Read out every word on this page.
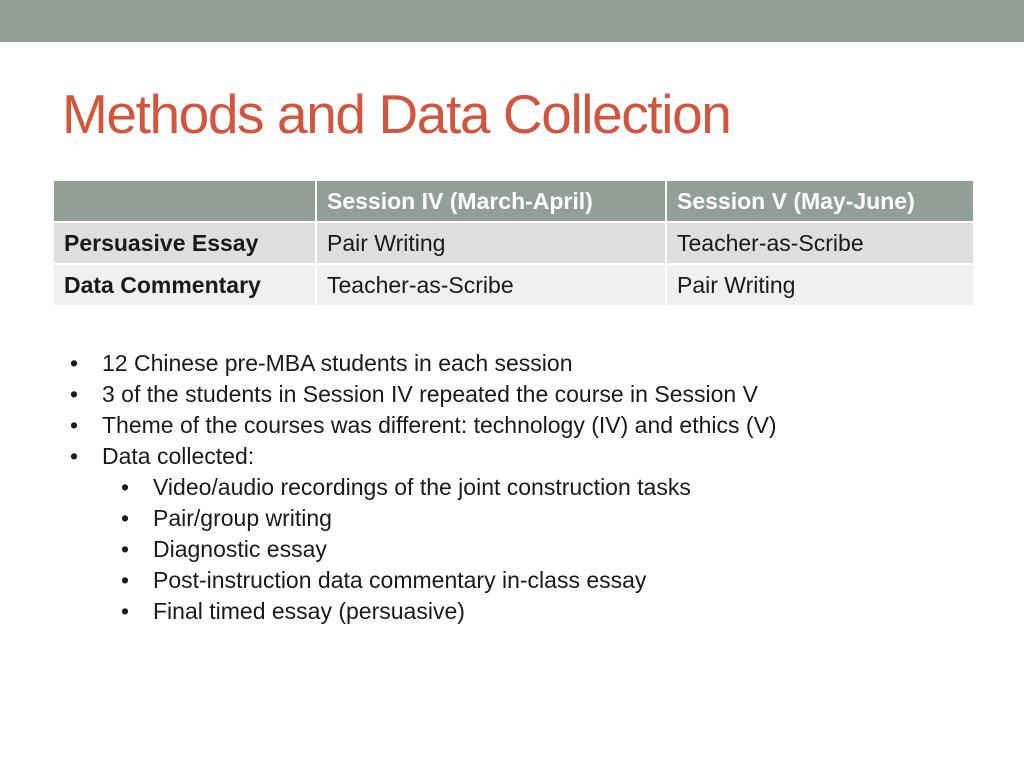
Methods and Data Collection
	Session IV (March-April)	Session V (May-June)
Persuasive Essay	Pair Writing	Teacher-as-Scribe
Data Commentary	Teacher-as-Scribe	Pair Writing
• 12 Chinese pre-MBA students in each session
• 3 of the students in Session IV repeated the course in Session V
• Theme of the courses was different: technology (IV) and ethics (V)
• Data collected:
• Video/audio recordings of the joint construction tasks
• Pair/group writing
• Diagnostic essay
• Post-instruction data commentary in-class essay
• Final timed essay (persuasive)
